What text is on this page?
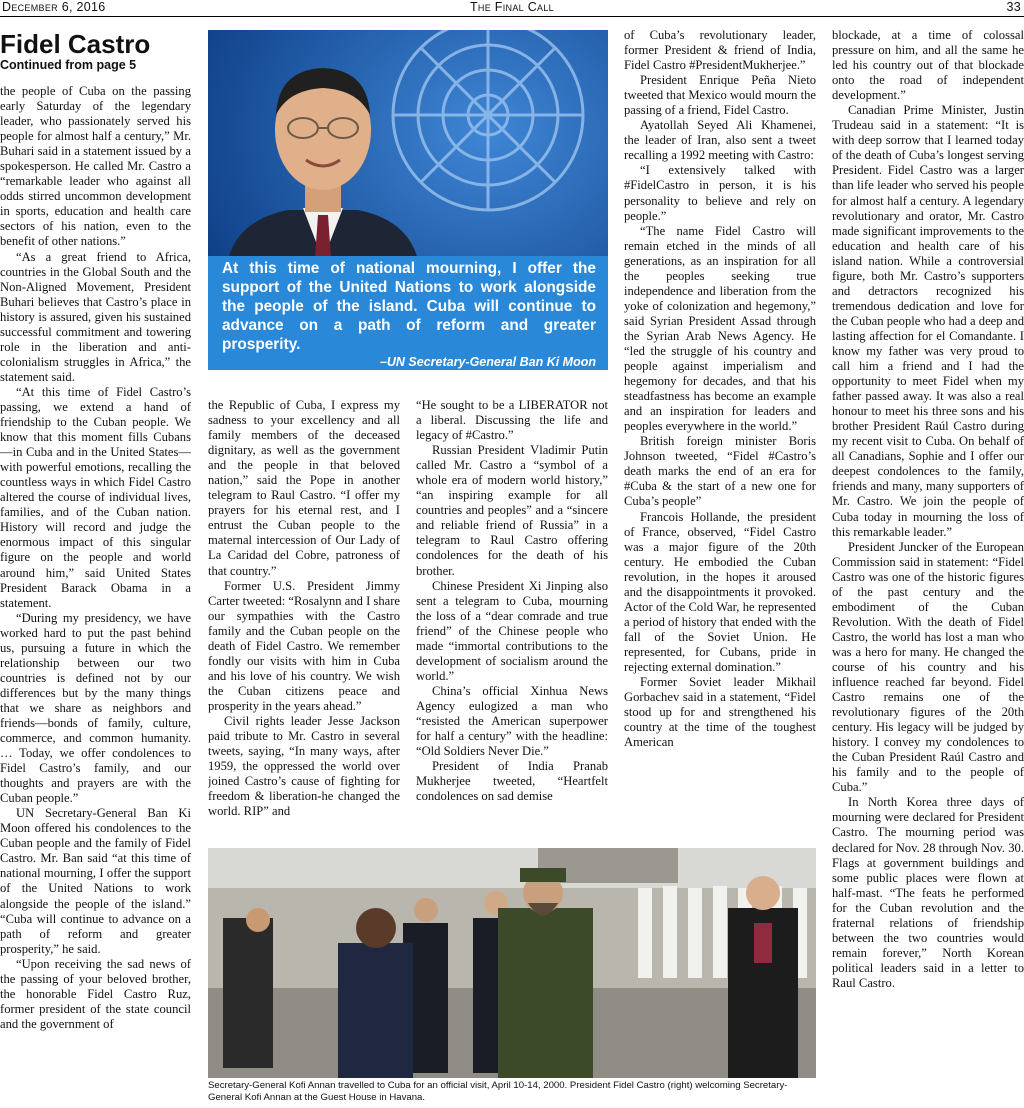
December 6, 2016	The Final Call	33
Fidel Castro
Continued from page 5

the people of Cuba on the passing early Saturday of the legendary leader, who passionately served his people for almost half a century,” Mr. Buhari said in a statement issued by a spokesperson. He called Mr. Castro a “remarkable leader who against all odds stirred uncommon development in sports, education and health care sectors of his nation, even to the benefit of other nations.”

“As a great friend to Africa, countries in the Global South and the Non-Aligned Movement, President Buhari believes that Castro’s place in history is assured, given his sustained successful commitment and towering role in the liberation and anti-colonialism struggles in Africa,” the statement said.

“At this time of Fidel Castro’s passing, we extend a hand of friendship to the Cuban people. We know that this moment fills Cubans—in Cuba and in the United States—with powerful emotions, recalling the countless ways in which Fidel Castro altered the course of individual lives, families, and of the Cuban nation. History will record and judge the enormous impact of this singular figure on the people and world around him,” said United States President Barack Obama in a statement.

“During my presidency, we have worked hard to put the past behind us, pursuing a future in which the relationship between our two countries is defined not by our differences but by the many things that we share as neighbors and friends—bonds of family, culture, commerce, and common humanity. … Today, we offer condolences to Fidel Castro’s family, and our thoughts and prayers are with the Cuban people.”

UN Secretary-General Ban Ki Moon offered his condolences to the Cuban people and the family of Fidel Castro. Mr. Ban said “at this time of national mourning, I offer the support of the United Nations to work alongside the people of the island.” “Cuba will continue to advance on a path of reform and greater prosperity,” he said.

“Upon receiving the sad news of the passing of your beloved brother, the honorable Fidel Castro Ruz, former president of the state council and the government of

At this time of national mourning, I offer the support of the United Nations to work alongside the people of the island. Cuba will continue to advance on a path of reform and greater prosperity.
–UN Secretary-General Ban Ki Moon

the Republic of Cuba, I express my sadness to your excellency and all family members of the deceased dignitary, as well as the government and the people in that beloved nation,” said the Pope in another telegram to Raul Castro. “I offer my prayers for his eternal rest, and I entrust the Cuban people to the maternal intercession of Our Lady of La Caridad del Cobre, patroness of that country.”

Former U.S. President Jimmy Carter tweeted: “Rosalynn and I share our sympathies with the Castro family and the Cuban people on the death of Fidel Castro. We remember fondly our visits with him in Cuba and his love of his country. We wish the Cuban citizens peace and prosperity in the years ahead.”

Civil rights leader Jesse Jackson paid tribute to Mr. Castro in several tweets, saying, “In many ways, after 1959, the oppressed the world over joined Castro’s cause of fighting for freedom & liberation-he changed the world. RIP” and

“He sought to be a LIBERATOR not a liberal. Discussing the life and legacy of #Castro.”

Russian President Vladimir Putin called Mr. Castro a “symbol of a whole era of modern world history,” “an inspiring example for all countries and peoples” and a “sincere and reliable friend of Russia” in a telegram to Raul Castro offering condolences for the death of his brother.

Chinese President Xi Jinping also sent a telegram to Cuba, mourning the loss of a “dear comrade and true friend” of the Chinese people who made “immortal contributions to the development of socialism around the world.”

China’s official Xinhua News Agency eulogized a man who “resisted the American superpower for half a century” with the headline: “Old Soldiers Never Die.”

President of India Pranab Mukherjee tweeted, “Heartfelt condolences on sad demise

of Cuba’s revolutionary leader, former President & friend of India, Fidel Castro #PresidentMukherjee.”

President Enrique Peña Nieto tweeted that Mexico would mourn the passing of a friend, Fidel Castro.

Ayatollah Seyed Ali Khamenei, the leader of Iran, also sent a tweet recalling a 1992 meeting with Castro:

“I extensively talked with #FidelCastro in person, it is his personality to believe and rely on people.”

“The name Fidel Castro will remain etched in the minds of all generations, as an inspiration for all the peoples seeking true independence and liberation from the yoke of colonization and hegemony,” said Syrian President Assad through the Syrian Arab News Agency. He “led the struggle of his country and people against imperialism and hegemony for decades, and that his steadfastness has become an example and an inspiration for leaders and peoples everywhere in the world.”

British foreign minister Boris Johnson tweeted, “Fidel #Castro’s death marks the end of an era for #Cuba & the start of a new one for Cuba’s people”

Francois Hollande, the president of France, observed, “Fidel Castro was a major figure of the 20th century. He embodied the Cuban revolution, in the hopes it aroused and the disappointments it provoked. Actor of the Cold War, he represented a period of history that ended with the fall of the Soviet Union. He represented, for Cubans, pride in rejecting external domination.”

Former Soviet leader Mikhail Gorbachev said in a statement, “Fidel stood up for and strengthened his country at the time of the toughest American

blockade, at a time of colossal pressure on him, and all the same he led his country out of that blockade onto the road of independent development.”

Canadian Prime Minister, Justin Trudeau said in a statement: “It is with deep sorrow that I learned today of the death of Cuba’s longest serving President. Fidel Castro was a larger than life leader who served his people for almost half a century. A legendary revolutionary and orator, Mr. Castro made significant improvements to the education and health care of his island nation. While a controversial figure, both Mr. Castro’s supporters and detractors recognized his tremendous dedication and love for the Cuban people who had a deep and lasting affection for el Comandante. I know my father was very proud to call him a friend and I had the opportunity to meet Fidel when my father passed away. It was also a real honour to meet his three sons and his brother President Raúl Castro during my recent visit to Cuba. On behalf of all Canadians, Sophie and I offer our deepest condolences to the family, friends and many, many supporters of Mr. Castro. We join the people of Cuba today in mourning the loss of this remarkable leader.”

President Juncker of the European Commission said in statement: “Fidel Castro was one of the historic figures of the past century and the embodiment of the Cuban Revolution. With the death of Fidel Castro, the world has lost a man who was a hero for many. He changed the course of his country and his influence reached far beyond. Fidel Castro remains one of the revolutionary figures of the 20th century. His legacy will be judged by history. I convey my condolences to the Cuban President Raúl Castro and his family and to the people of Cuba.”

In North Korea three days of mourning were declared for President Castro. The mourning period was declared for Nov. 28 through Nov. 30. Flags at government buildings and some public places were flown at half-mast. “The feats he performed for the Cuban revolution and the fraternal relations of friendship between the two countries would remain forever,” North Korean political leaders said in a letter to Raul Castro.

Secretary-General Kofi Annan travelled to Cuba for an official visit, April 10-14, 2000. President Fidel Castro (right) welcoming Secretary-General Kofi Annan at the Guest House in Havana.
